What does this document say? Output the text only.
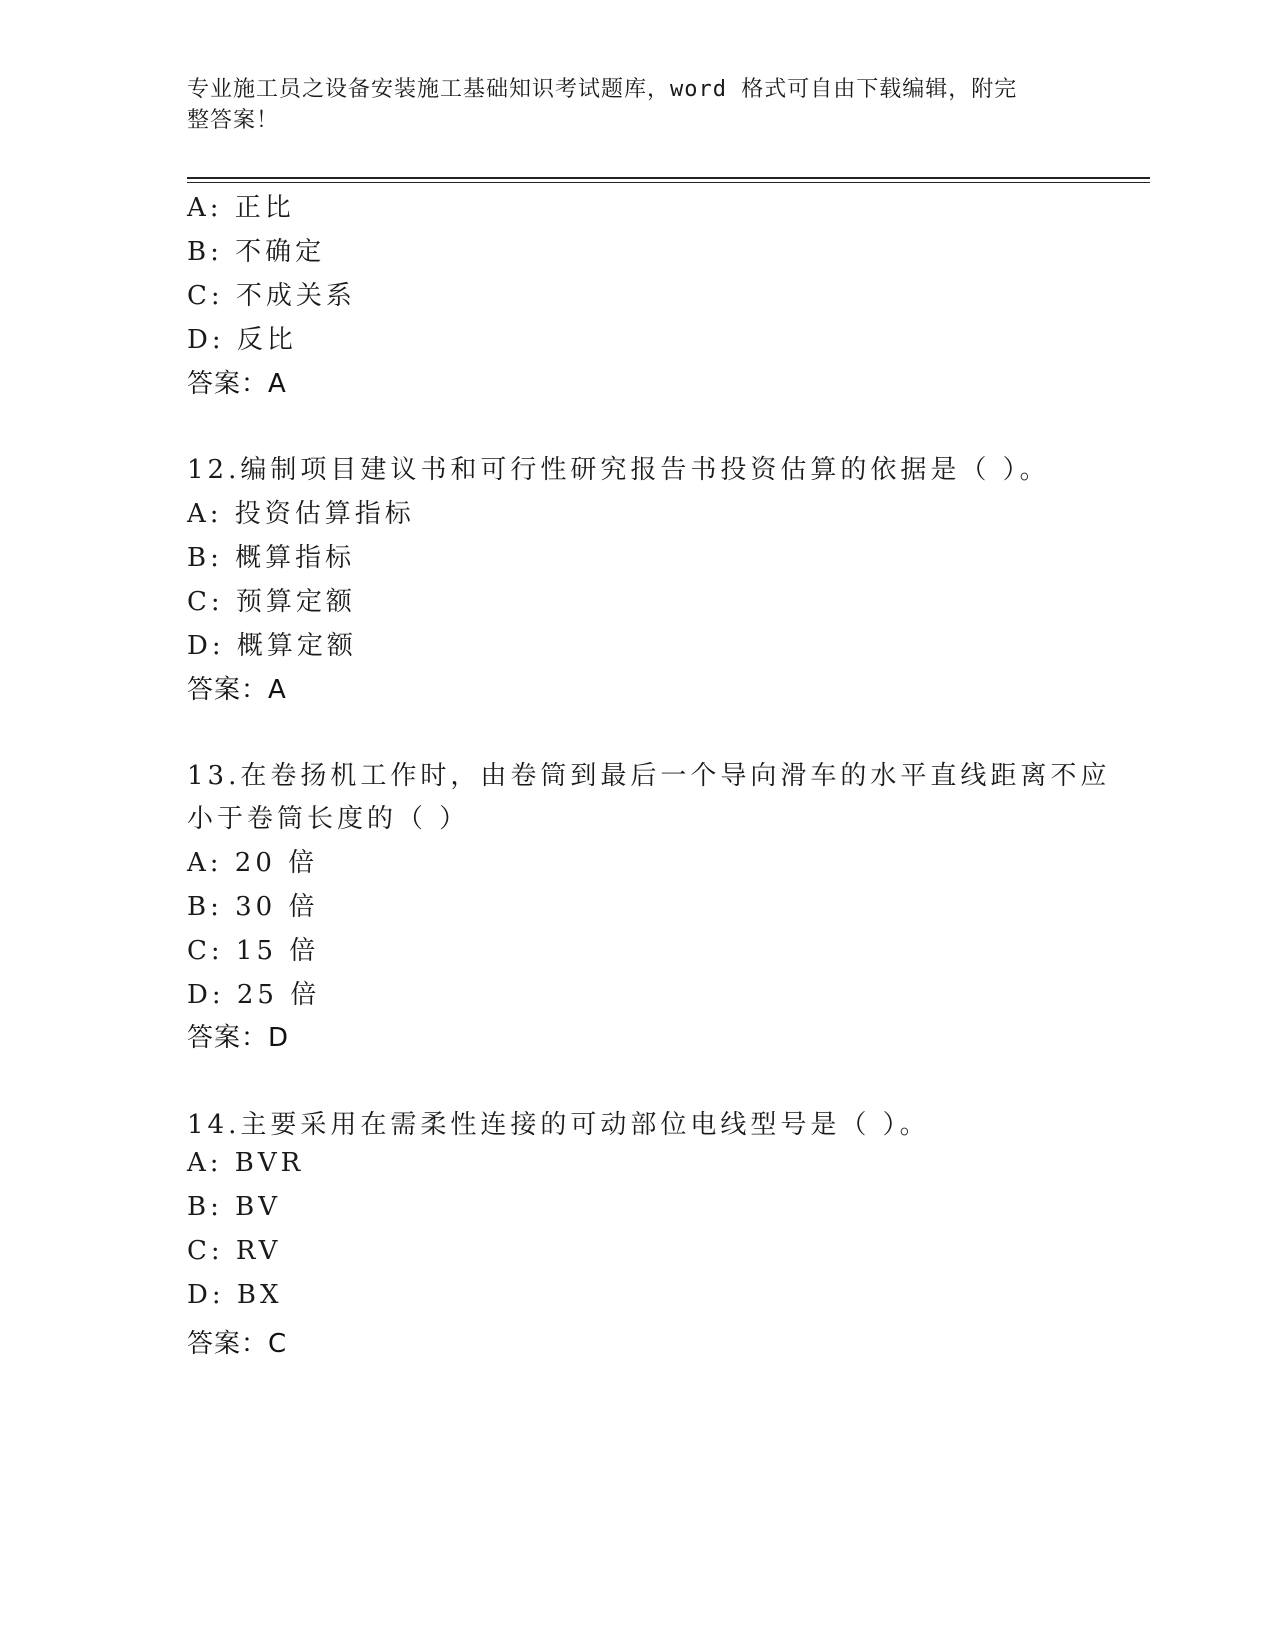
专业施工员之设备安装施工基础知识考试题库，word 格式可自由下载编辑，附完
整答案！
A: 正比
B: 不确定
C: 不成关系
D: 反比
答案：A
12.编制项目建议书和可行性研究报告书投资估算的依据是（ ）。
A: 投资估算指标
B: 概算指标
C: 预算定额
D: 概算定额
答案：A
13.在卷扬机工作时，由卷筒到最后一个导向滑车的水平直线距离不应
小于卷筒长度的（ ）
A: 20 倍
B: 30 倍
C: 15 倍
D: 25 倍
答案：D
14.主要采用在需柔性连接的可动部位电线型号是（ ）。
A: BVR
B: BV
C: RV
D: BX
答案：C
